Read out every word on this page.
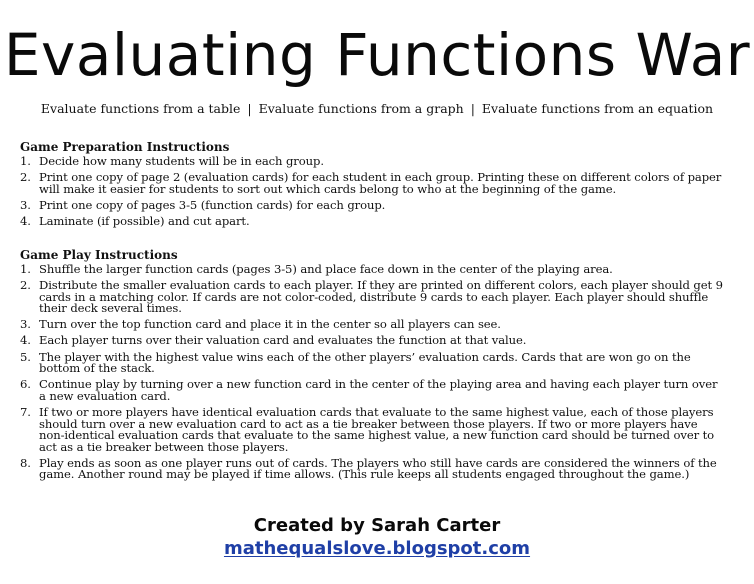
Evaluating Functions War
Evaluate functions from a table | Evaluate functions from a graph | Evaluate functions from an equation
Game Preparation Instructions
1. Decide how many students will be in each group.
2. Print one copy of page 2 (evaluation cards) for each student in each group. Printing these on different colors of paper will make it easier for students to sort out which cards belong to who at the beginning of the game.
3. Print one copy of pages 3-5 (function cards) for each group.
4. Laminate (if possible) and cut apart.
Game Play Instructions
1. Shuffle the larger function cards (pages 3-5) and place face down in the center of the playing area.
2. Distribute the smaller evaluation cards to each player. If they are printed on different colors, each player should get 9 cards in a matching color. If cards are not color-coded, distribute 9 cards to each player. Each player should shuffle their deck several times.
3. Turn over the top function card and place it in the center so all players can see.
4. Each player turns over their valuation card and evaluates the function at that value.
5. The player with the highest value wins each of the other players’ evaluation cards. Cards that are won go on the bottom of the stack.
6. Continue play by turning over a new function card in the center of the playing area and having each player turn over a new evaluation card.
7. If two or more players have identical evaluation cards that evaluate to the same highest value, each of those players should turn over a new evaluation card to act as a tie breaker between those players. If two or more players have non-identical evaluation cards that evaluate to the same highest value, a new function card should be turned over to act as a tie breaker between those players.
8. Play ends as soon as one player runs out of cards. The players who still have cards are considered the winners of the game. Another round may be played if time allows. (This rule keeps all students engaged throughout the game.)
Created by Sarah Carter
mathequalslove.blogspot.com
